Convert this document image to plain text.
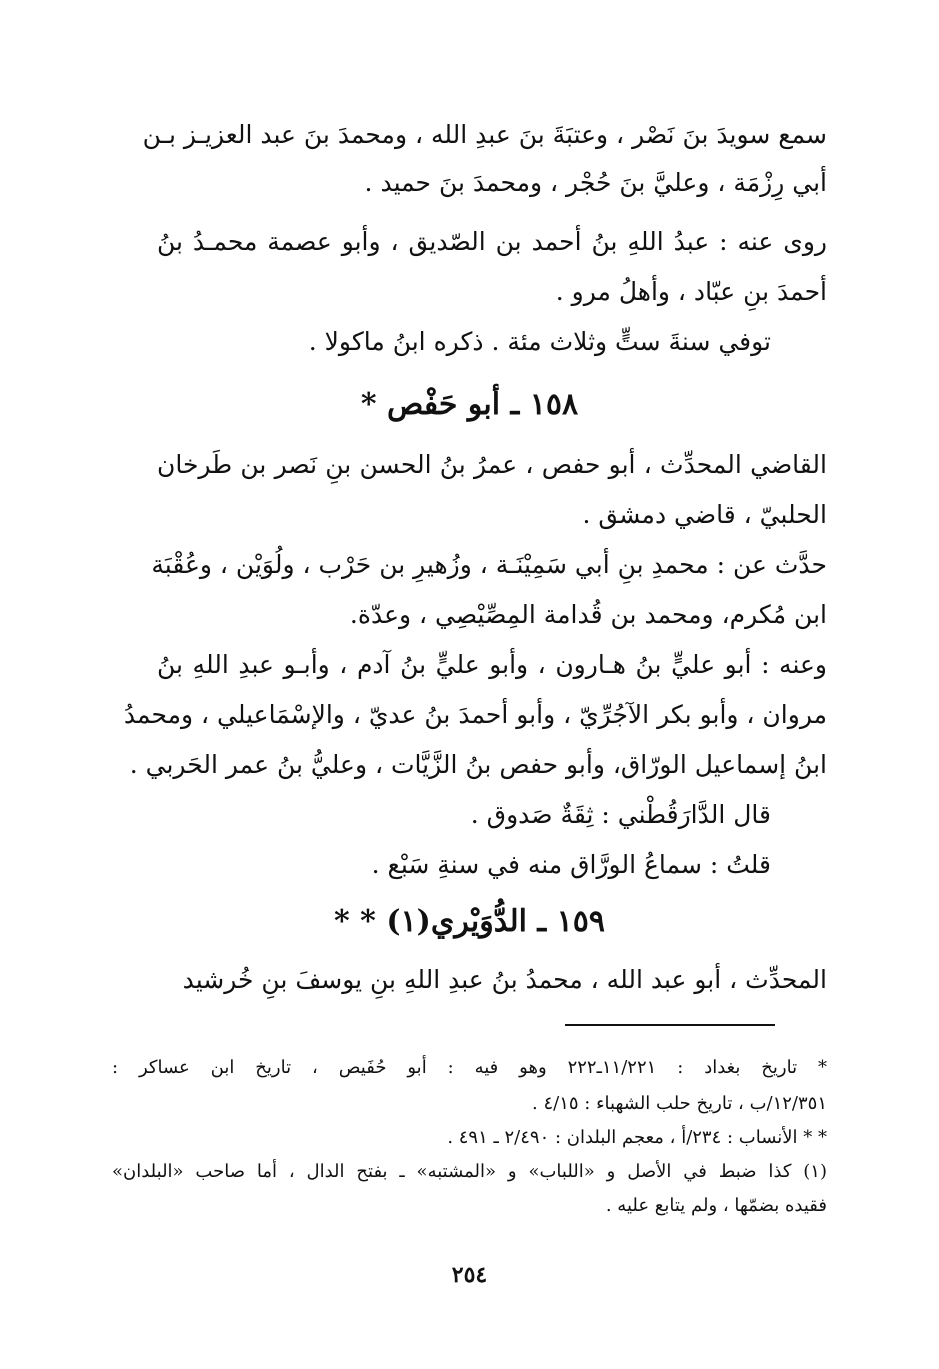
سمع سويدَ بنَ نَصْر ، وعتبَةَ بنَ عبدِ الله ، ومحمدَ بنَ عبد العزيـز بـن
أبي رِزْمَة ، وعليَّ بنَ حُجْر ، ومحمدَ بنَ حميد .
روى عنه : عبدُ اللهِ بنُ أحمد بن الصّديق ، وأبو عصمة محمـدُ بنُ
أحمدَ بنِ عبّاد ، وأهلُ مرو .
توفي سنةَ ستٍّ وثلاث مئة . ذكره ابنُ ماكولا .
١٥٨ ـ أبو حَفْص *
القاضي المحدِّث ، أبو حفص ، عمرُ بنُ الحسن بنِ نَصر بن طَرخان
الحلبيّ ، قاضي دمشق .
حدَّث عن : محمدِ بنِ أبي سَمِيْنَـة ، وزُهيرِ بن حَرْب ، ولُوَيْن ، وعُقْبَة
ابن مُكرم، ومحمد بن قُدامة المِصِّيْصِي ، وعدّة.
وعنه : أبو عليٍّ بنُ هـارون ، وأبو عليٍّ بنُ آدم ، وأبـو عبدِ اللهِ بنُ
مروان ، وأبو بكر الآجُرِّيّ ، وأبو أحمدَ بنُ عديّ ، والإسْمَاعيلي ، ومحمدُ
ابنُ إسماعيل الورّاق، وأبو حفص بنُ الزَّيَّات ، وعليُّ بنُ عمر الحَربي .
قال الدَّارَقُطْني : ثِقَةٌ صَدوق .
قلتُ : سماعُ الورَّاق منه في سنةِ سَبْع .
١٥٩ ـ الدُّوَيْري(١) * *
المحدِّث ، أبو عبد الله ، محمدُ بنُ عبدِ اللهِ بنِ يوسفَ بنِ خُرشيد
* تاريخ بغداد : ١١/٢٢١ـ٢٢٢ وهو فيه : أبو حُفَيص ، تاريخ ابن عساكر :
١٢/٣٥١/ب ، تاريخ حلب الشهباء : ٤/١٥ .
* * الأنساب : ٢٣٤/أ ، معجم البلدان : ٢/٤٩٠ ـ ٤٩١ .
(١) كذا ضبط في الأصل و «اللباب» و «المشتبه» ـ بفتح الدال ، أما صاحب «البلدان»
فقيده بضمّها ، ولم يتابع عليه .
٢٥٤
